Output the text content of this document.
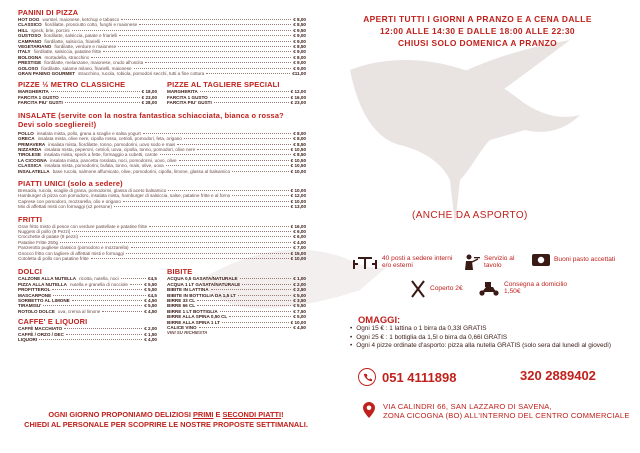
PANINI DI PIZZA
HOT DOG wurstel, maionese, ketchup e tabasco	€ 8,00
CLASSICO fiordilatte, prosciutto cotto, funghi e maionese	€ 8,50
HILL speck, brie, porcini	€ 9,50
GUSTOSO fiordilatte, salsiccia, patate e friarielli	€ 9,00
CAMPANO fiordilatte, salsiccia, friarielli	€ 9,00
VEGETARIANO fiordilatte, verdure e maionese	€ 8,50
ITALY fiordilatte, salsiccia, patatine fritte	€ 9,00
BOLOGNA mortadella, stracchino	€ 8,00
PRESTIGE fiordilatte, melanzane, maionese, crudo all'uscita	€ 9,00
GOLOSO fiordilatte, salame milano, friarielli, maionese	€ 9,00
GRAN PANINO GOURMET stracchino, rucola, robiola, pomodori secchi, tutti a fine cottura	€11,00
PIZZE ½ METRO CLASSICHE
MARGHERITA	€ 18,00
FARCITA 1 GUSTO	€ 23,00
FARCITA PIU' GUSTI	€ 28,00
PIZZE AL TAGLIERE SPECIALI
MARGHERITA	€ 12,00
FARCITA 1 GUSTO	€ 16,00
FARCITA PIU' GUSTI	€ 23,00
INSALATE (servite con la nostra fantastica schiacciata, bianca o rossa?
Devi solo sceglierei!)
POLLO insalata mista, pollo, grana a scaglie e salsa yogurt	€ 8,00
GRECA insalata mista, olive nere, cipolla rossa, cetrioli, pomodori, feta, origano	€ 8,00
PRIMAVERA insalata mista, fiordilatte, tonno, pomodorini, uovo sodo e mais	€ 8,50
NIZZARDA insalata mista, peperoni, cetrioli, uova, cipolla, tonno, pomodori, olive nere	€ 10,50
TIROLESE insalata mista, speck a fette, formaggio a cubetti, carote	€ 8,50
LA CICOGNA insalata mista, pancetta rosolata, noci, pomodorini, uovo, olive	€ 10,50
CLASSICA insalata mista, pomodorini, bufala, tonno, mais, olive, uova	€ 10,50
INSALATELLA base rucola, salmone affumicato, olive, pomodorini, cipolla, limone, glassa al balsamico	€ 10,00
PIATTI UNICI (solo a sedere)
Bresaola, rucola, scaglie di grana, pomodorini, glassa di aceto balsamico	€ 10,00
Hamburger di pizza con pomodoro, insalata mista, hamburger di salsiccia, salse, patatine fritte e al forno	€ 12,00
Caprese con pomodoro, mozzarella, olio e origano	€ 10,00
Mix di affettati misti con formaggi (x2 persone)	€ 13,00
FRITTI
Gran fritto misto di pesce con verdure pastellate e patatine fritte	€ 16,00
Nuggets di pollo (8 Pezzi)	€ 6,00
Crocchette di patate (8 pezzi)	€ 6,00
Patatine Fritte 250g	€ 4,00
Panzerotto pugliese classico (pomodoro e mozzarella)	€ 7,00
Gnocco fritto con tagliere di affettati misti e formaggi	€ 15,00
Cotoletta di pollo con patatine fritte	€ 10,00
DOLCI
CALZONE ALLA NUTELLA ricotta, nutella, noci	€4,5
PIZZA ALLA NUTELLA nutella e granella di nocciole	€ 5,50
PROFITTEROL	€ 5,50
MASCARPONE	€4,5
SORBETTO AL LIMONE	€ 4,50
TIRAMISU'	€ 5,50
ROTOLO DOLCE uva, crema al limone	€ 4,50
CAFFE' E LIQUORI
CAFFÈ MACCHIATO	€ 2,00
CAFFÈ / ORZO / DEC	€ 1,50
LIQUORI	€ 4,00
BIBITE
ACQUA 0,5 GASATA/NATURALE	€ 1,00
ACQUA 1 LT GASATA/NATURALE	€ 2,00
BIBITE IN LATTINA	€ 2,50
BIBITE IN BOTTIGLIA DA 1,5 LT	€ 5,00
BIRRE 33 CL	€ 3,50
BIRRE 66 CL	€ 5,50
BIRRE 1 LT BOTTIGLIA	€ 7,50
BIRRE ALLA SPINA 0,50 CL	€ 5,00
BIRRE ALLA SPINA 1 LT	€ 10,00
CALICE VINO	€ 4,50
VINI SU RICHIESTA
OGNI GIORNO PROPONIAMO DELIZIOSI PRIMI E SECONDI PIATTI!
CHIEDI AL PERSONALE PER SCOPRIRE LE NOSTRE PROPOSTE SETTIMANALI.
APERTI TUTTI I GIORNI A PRANZO E A CENA DALLE
12:00 ALLE 14:30 E DALLE 18:00 ALLE 22:30
CHIUSI SOLO DOMENICA A PRANZO
(ANCHE DA ASPORTO)
40 posti a sedere interni e/o esterni
Servizio al tavolo
Buoni pasto accettati
Coperto 2€
Consegna a domicilio 1,50€
OMAGGI:
• Ogni 15 € : 1 lattina o 1 birra da 0,33l GRATIS
• Ogni 25 € : 1 bottiglia da 1,5l o birra da 0,66l GRATIS
• Ogni 4 pizze ordinate d'asporto: pizza alla nutella GRATIS (solo sera dal lunedì al giovedì)
051 4111898	320 2889402
VIA CALINDRI 66, SAN LAZZARO DI SAVENA,
ZONA CICOGNA (BO) ALL'INTERNO DEL CENTRO COMMERCIALE
